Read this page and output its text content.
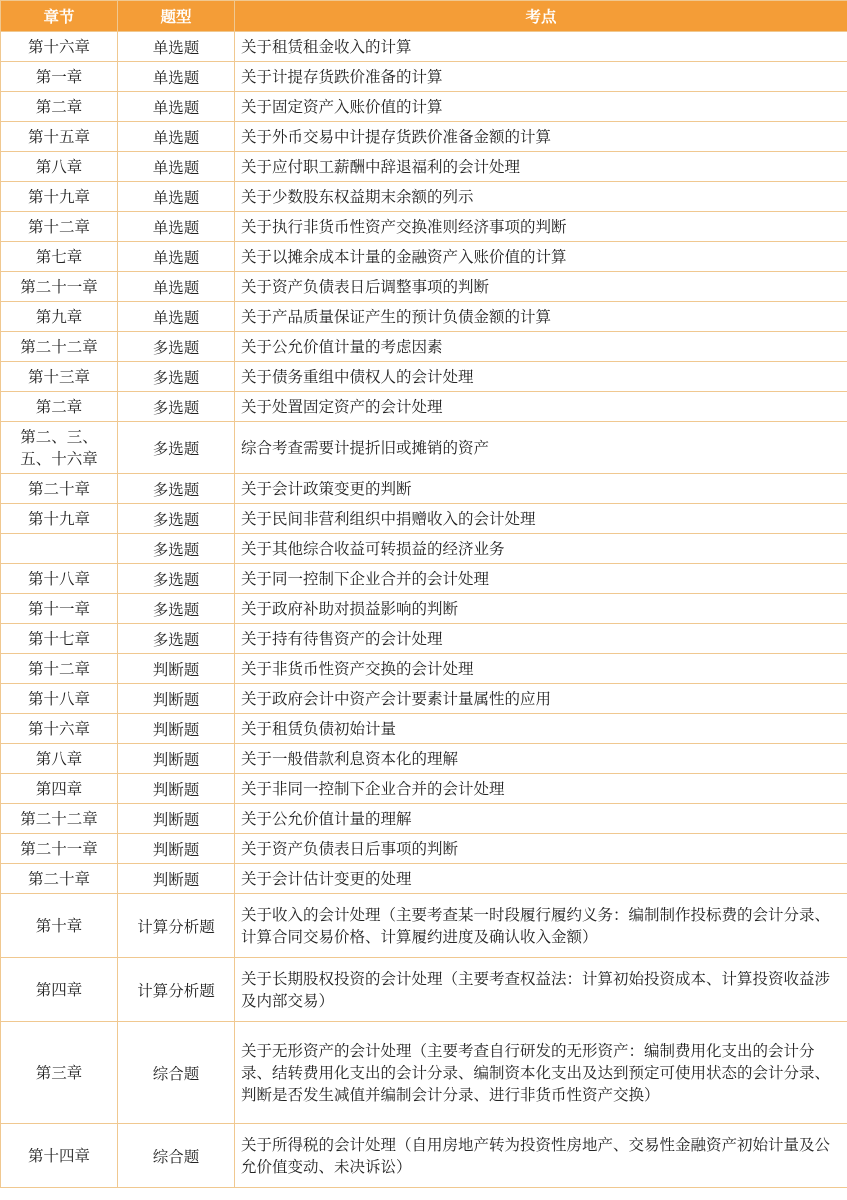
章节	题型	考点
第十六章	单选题	关于租赁租金收入的计算
第一章	单选题	关于计提存货跌价准备的计算
第二章	单选题	关于固定资产入账价值的计算
第十五章	单选题	关于外币交易中计提存货跌价准备金额的计算
第八章	单选题	关于应付职工薪酬中辞退福利的会计处理
第十九章	单选题	关于少数股东权益期末余额的列示
第十二章	单选题	关于执行非货币性资产交换准则经济事项的判断
第七章	单选题	关于以摊余成本计量的金融资产入账价值的计算
第二十一章	单选题	关于资产负债表日后调整事项的判断
第九章	单选题	关于产品质量保证产生的预计负债金额的计算
第二十二章	多选题	关于公允价值计量的考虑因素
第十三章	多选题	关于债务重组中债权人的会计处理
第二章	多选题	关于处置固定资产的会计处理
第二、三、五、十六章	多选题	综合考查需要计提折旧或摊销的资产
第二十章	多选题	关于会计政策变更的判断
第十九章	多选题	关于民间非营利组织中捐赠收入的会计处理
	多选题	关于其他综合收益可转损益的经济业务
第十八章	多选题	关于同一控制下企业合并的会计处理
第十一章	多选题	关于政府补助对损益影响的判断
第十七章	多选题	关于持有待售资产的会计处理
第十二章	判断题	关于非货币性资产交换的会计处理
第十八章	判断题	关于政府会计中资产会计要素计量属性的应用
第十六章	判断题	关于租赁负债初始计量
第八章	判断题	关于一般借款利息资本化的理解
第四章	判断题	关于非同一控制下企业合并的会计处理
第二十二章	判断题	关于公允价值计量的理解
第二十一章	判断题	关于资产负债表日后事项的判断
第二十章	判断题	关于会计估计变更的处理
第十章	计算分析题	关于收入的会计处理（主要考查某一时段履行履约义务：编制制作投标费的会计分录、计算合同交易价格、计算履约进度及确认收入金额）
第四章	计算分析题	关于长期股权投资的会计处理（主要考查权益法：计算初始投资成本、计算投资收益涉及内部交易）
第三章	综合题	关于无形资产的会计处理（主要考查自行研发的无形资产：编制费用化支出的会计分录、结转费用化支出的会计分录、编制资本化支出及达到预定可使用状态的会计分录、判断是否发生减值并编制会计分录、进行非货币性资产交换）
第十四章	综合题	关于所得税的会计处理（自用房地产转为投资性房地产、交易性金融资产初始计量及公允价值变动、未决诉讼）
